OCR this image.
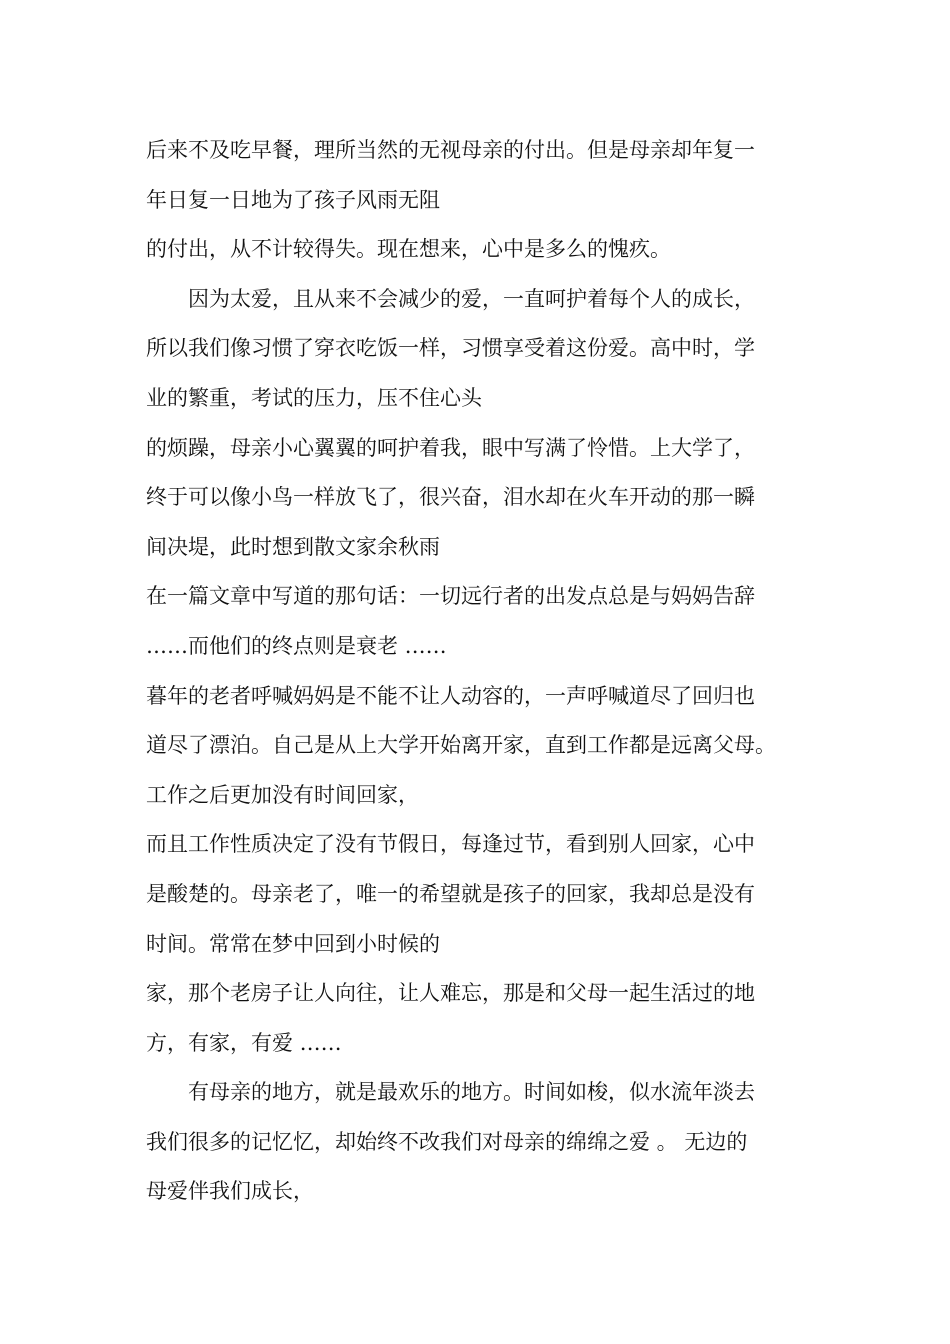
后来不及吃早餐，理所当然的无视母亲的付出。但是母亲却年复一

年日复一日地为了孩子风雨无阻

的付出，从不计较得失。现在想来，心中是多么的愧疚。

　　因为太爱，且从来不会减少的爱，一直呵护着每个人的成长，

所以我们像习惯了穿衣吃饭一样，习惯享受着这份爱。高中时，学

业的繁重，考试的压力，压不住心头

的烦躁，母亲小心翼翼的呵护着我，眼中写满了怜惜。上大学了，

终于可以像小鸟一样放飞了，很兴奋，泪水却在火车开动的那一瞬

间决堤，此时想到散文家余秋雨

在一篇文章中写道的那句话：一切远行者的出发点总是与妈妈告辞

……而他们的终点则是衰老 ……

暮年的老者呼喊妈妈是不能不让人动容的，一声呼喊道尽了回归也

道尽了漂泊。自己是从上大学开始离开家，直到工作都是远离父母。

工作之后更加没有时间回家，

而且工作性质决定了没有节假日，每逢过节，看到别人回家，心中

是酸楚的。母亲老了，唯一的希望就是孩子的回家，我却总是没有

时间。常常在梦中回到小时候的

家，那个老房子让人向往，让人难忘，那是和父母一起生活过的地

方，有家，有爱 ……

　　有母亲的地方，就是最欢乐的地方。时间如梭，似水流年淡去

我们很多的记忆忆，却始终不改我们对母亲的绵绵之爱 。 无边的

母爱伴我们成长，
